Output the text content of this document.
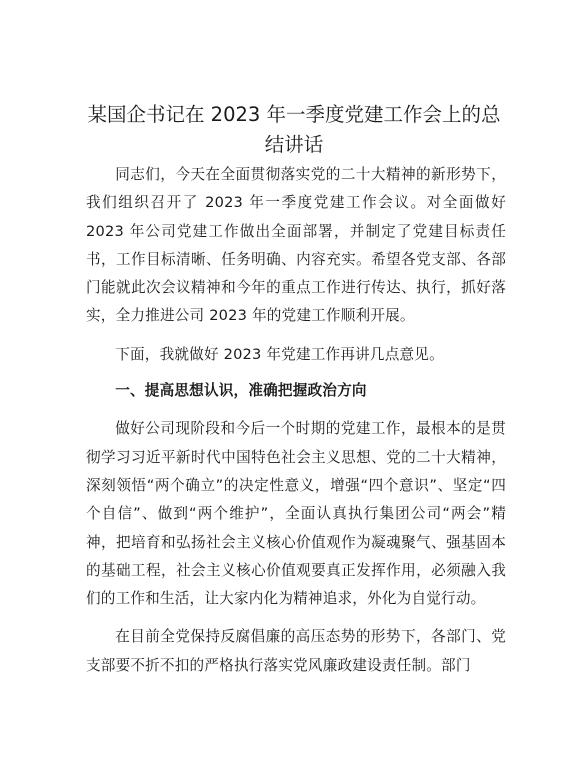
某国企书记在 2023 年一季度党建工作会上的总结讲话

同志们，今天在全面贯彻落实党的二十大精神的新形势下，我们组织召开了 2023 年一季度党建工作会议。对全面做好 2023 年公司党建工作做出全面部署，并制定了党建目标责任书，工作目标清晰、任务明确、内容充实。希望各党支部、各部门能就此次会议精神和今年的重点工作进行传达、执行，抓好落实，全力推进公司 2023 年的党建工作顺利开展。

下面，我就做好 2023 年党建工作再讲几点意见。

一、提高思想认识，准确把握政治方向

做好公司现阶段和今后一个时期的党建工作，最根本的是贯彻学习习近平新时代中国特色社会主义思想、党的二十大精神，深刻领悟“两个确立”的决定性意义，增强“四个意识”、坚定“四个自信”、做到“两个维护”，全面认真执行集团公司“两会”精神，把培育和弘扬社会主义核心价值观作为凝魂聚气、强基固本的基础工程，社会主义核心价值观要真正发挥作用，必须融入我们的工作和生活，让大家内化为精神追求，外化为自觉行动。

在目前全党保持反腐倡廉的高压态势的形势下，各部门、党支部要不折不扣的严格执行落实党风廉政建设责任制。部门
